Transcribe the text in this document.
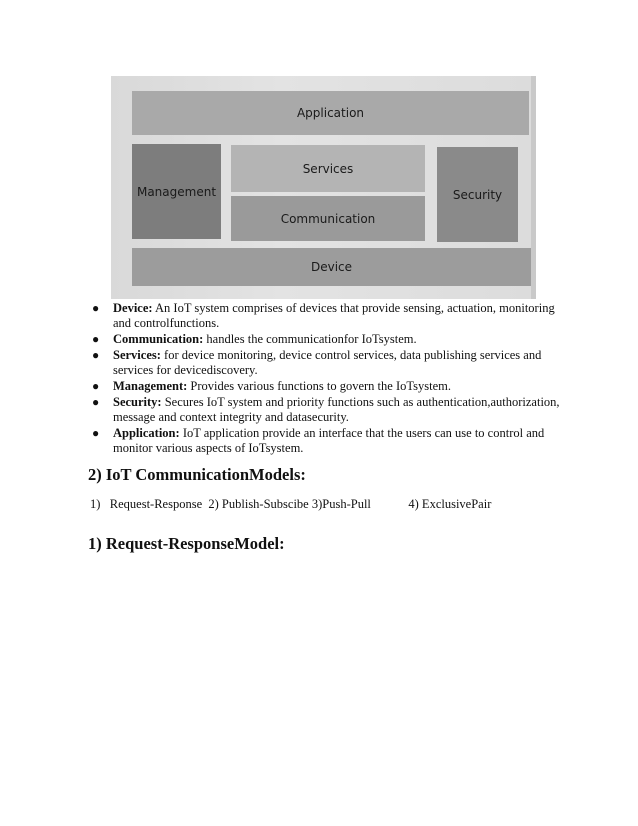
Application
Management
Services
Communication
Security
Device
● Device: An IoT system comprises of devices that provide sensing, actuation, monitoring and controlfunctions.
● Communication: handles the communicationfor IoTsystem.
● Services: for device monitoring, device control services, data publishing services and services for devicediscovery.
● Management: Provides various functions to govern the IoTsystem.
● Security: Secures IoT system and priority functions such as authentication,authorization, message and context integrity and datasecurity.
● Application: IoT application provide an interface that the users can use to control and monitor various aspects of IoTsystem.
2) IoT CommunicationModels:
1)   Request-Response  2) Publish-Subscibe 3)Push-Pull            4) ExclusivePair
1) Request-ResponseModel:
